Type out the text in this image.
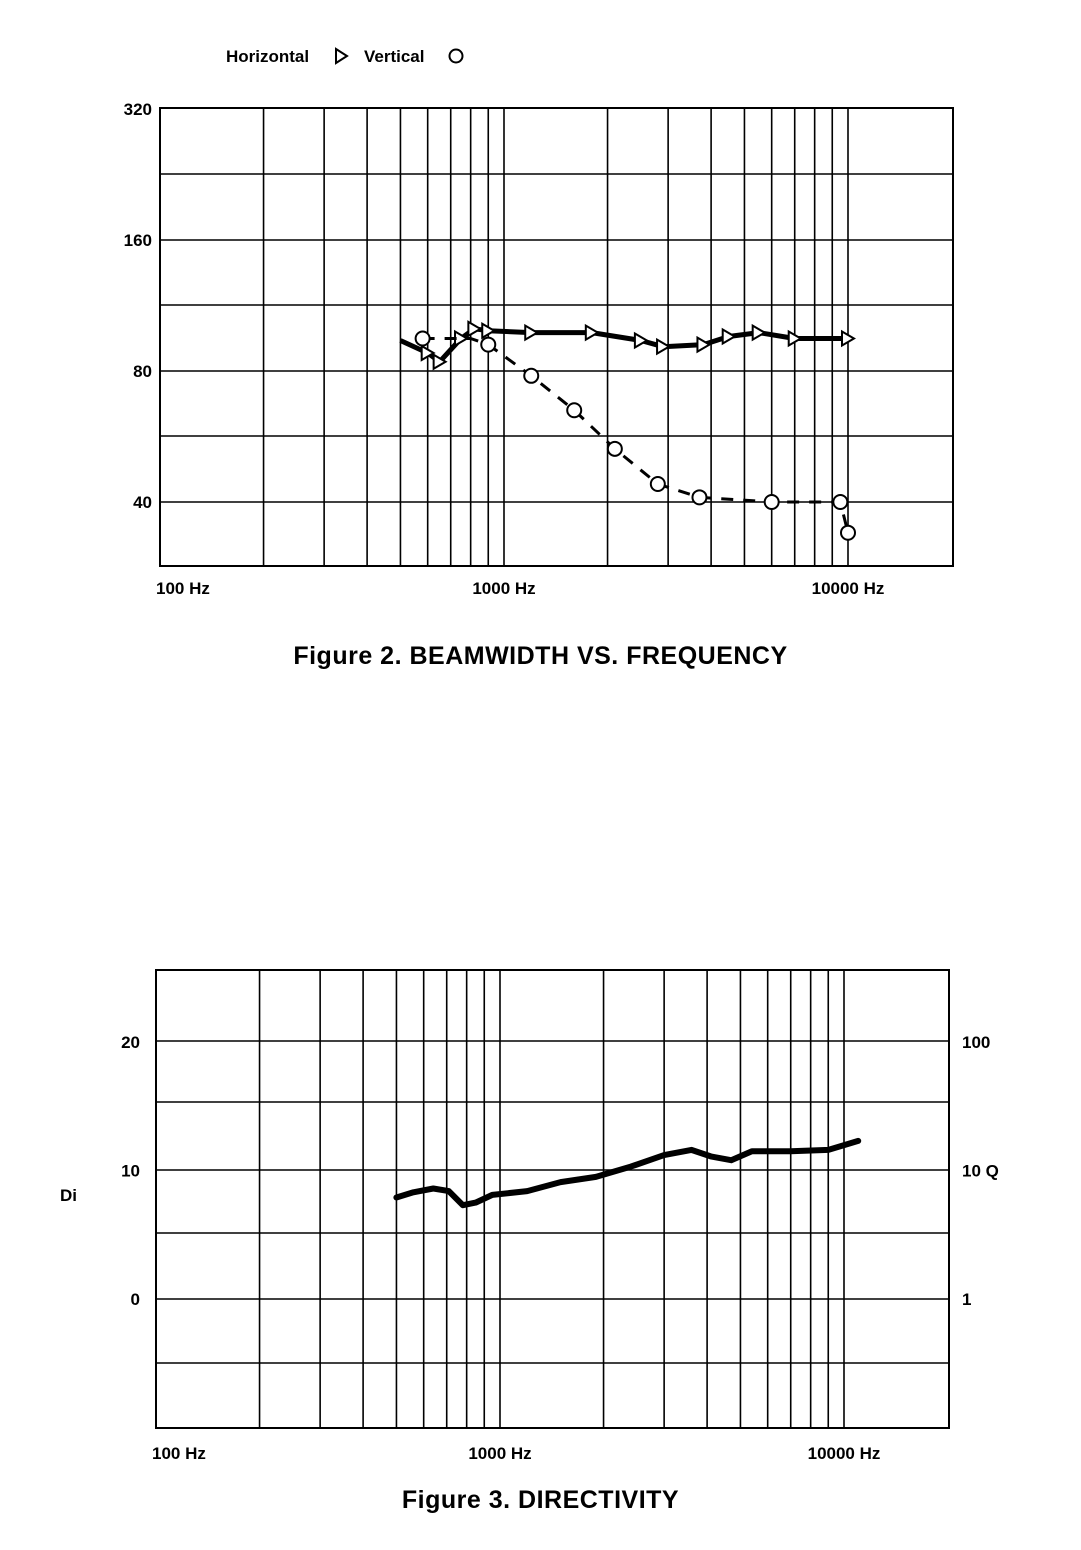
Horizontal	Vertical
320
160
80
40
100 Hz	1000 Hz	10000 Hz
20
10
0
100
10 Q
1
100 Hz	1000 Hz	10000 Hz
Di
Figure 2. BEAMWIDTH VS. FREQUENCY
Figure 3. DIRECTIVITY
